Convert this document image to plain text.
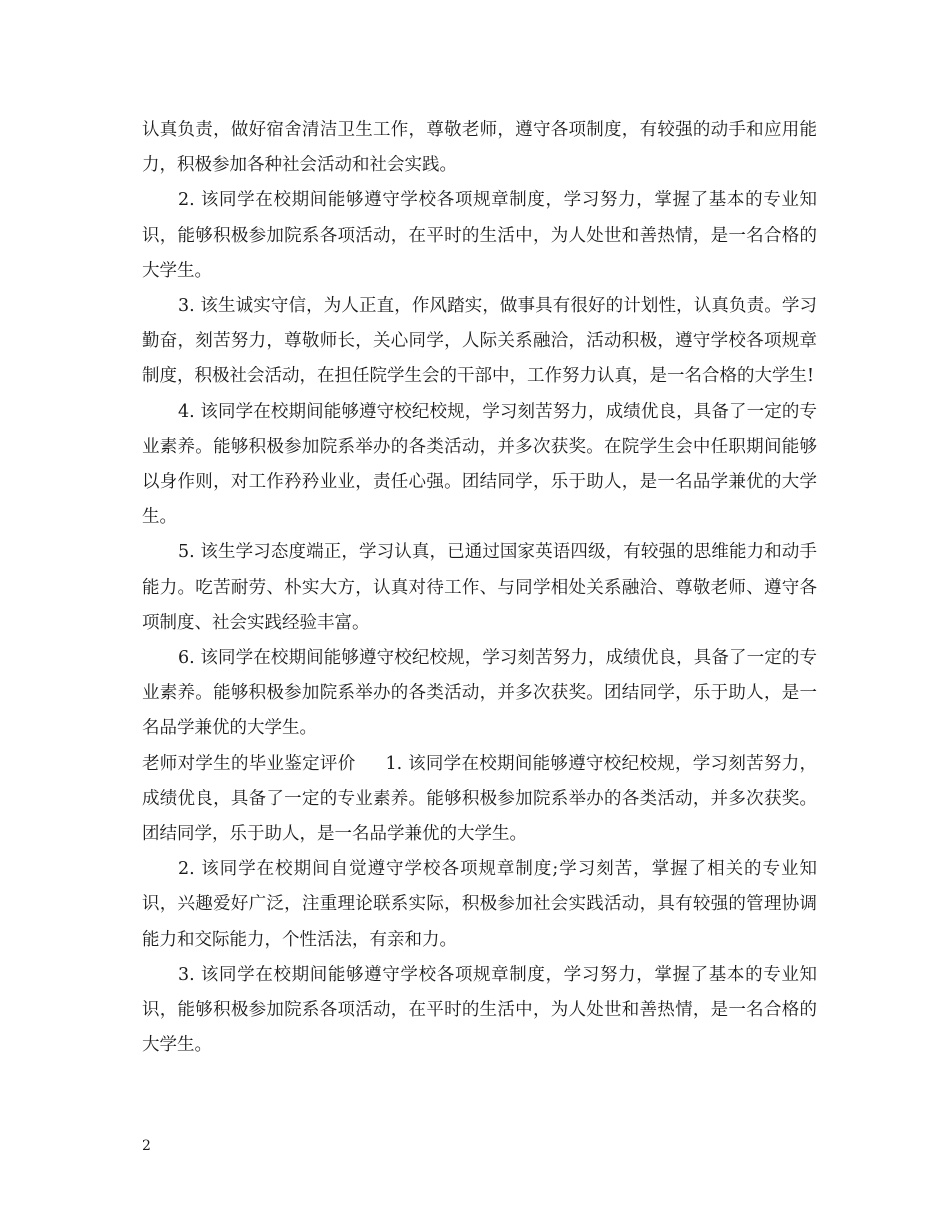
认真负责，做好宿舍清洁卫生工作，尊敬老师，遵守各项制度，有较强的动手和应用能力，积极参加各种社会活动和社会实践。

2. 该同学在校期间能够遵守学校各项规章制度，学习努力，掌握了基本的专业知识，能够积极参加院系各项活动，在平时的生活中，为人处世和善热情，是一名合格的大学生。

3. 该生诚实守信，为人正直，作风踏实，做事具有很好的计划性，认真负责。学习勤奋，刻苦努力，尊敬师长，关心同学，人际关系融洽，活动积极，遵守学校各项规章制度，积极社会活动，在担任院学生会的干部中，工作努力认真，是一名合格的大学生!

4. 该同学在校期间能够遵守校纪校规，学习刻苦努力，成绩优良，具备了一定的专业素养。能够积极参加院系举办的各类活动，并多次获奖。在院学生会中任职期间能够以身作则，对工作矜矜业业，责任心强。团结同学，乐于助人，是一名品学兼优的大学生。

5. 该生学习态度端正，学习认真，已通过国家英语四级，有较强的思维能力和动手能力。吃苦耐劳、朴实大方，认真对待工作、与同学相处关系融洽、尊敬老师、遵守各项制度、社会实践经验丰富。

6. 该同学在校期间能够遵守校纪校规，学习刻苦努力，成绩优良，具备了一定的专业素养。能够积极参加院系举办的各类活动，并多次获奖。团结同学，乐于助人，是一名品学兼优的大学生。

老师对学生的毕业鉴定评价 1. 该同学在校期间能够遵守校纪校规，学习刻苦努力，成绩优良，具备了一定的专业素养。能够积极参加院系举办的各类活动，并多次获奖。团结同学，乐于助人，是一名品学兼优的大学生。

2. 该同学在校期间自觉遵守学校各项规章制度;学习刻苦，掌握了相关的专业知识，兴趣爱好广泛，注重理论联系实际，积极参加社会实践活动，具有较强的管理协调能力和交际能力，个性活法，有亲和力。

3. 该同学在校期间能够遵守学校各项规章制度，学习努力，掌握了基本的专业知识，能够积极参加院系各项活动，在平时的生活中，为人处世和善热情，是一名合格的大学生。

2
